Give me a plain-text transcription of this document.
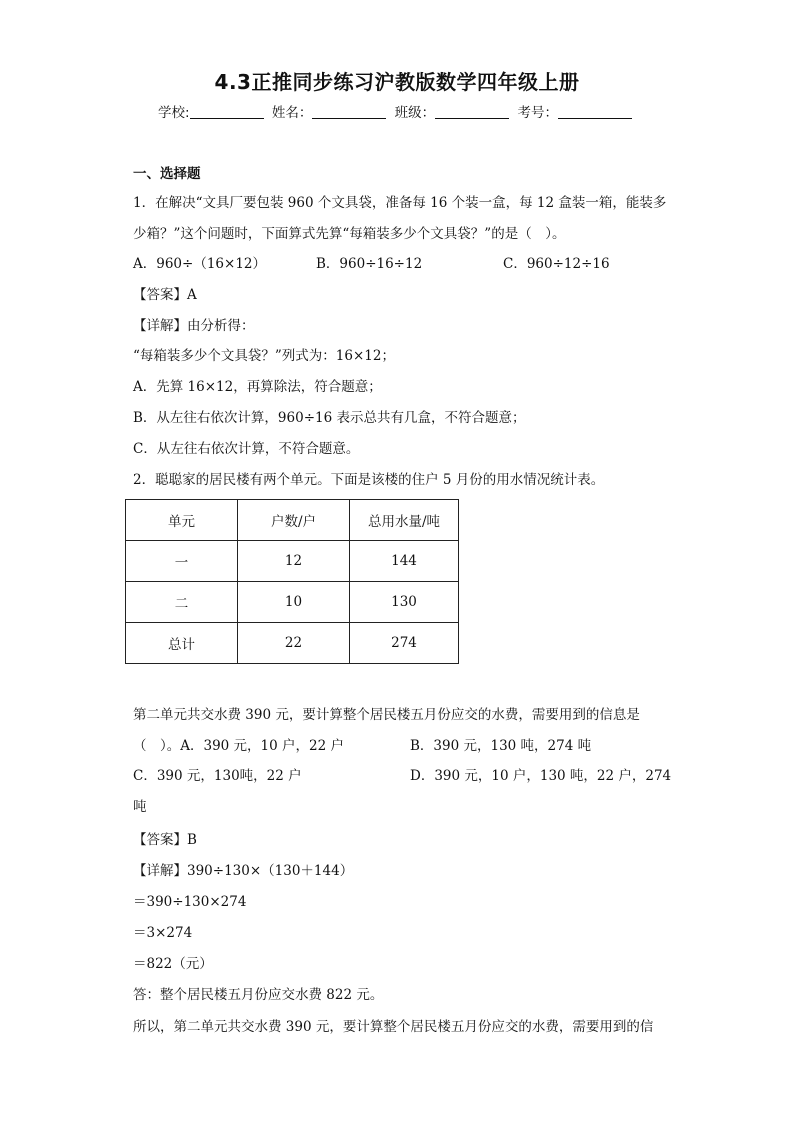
4.3正推同步练习沪教版数学四年级上册
学校:	姓名：	班级：	考号：
一、选择题
1．在解决“文具厂要包装 960 个文具袋，准备每 16 个装一盒，每 12 盒装一箱，能装多
少箱？”这个问题时，下面算式先算“每箱装多少个文具袋？”的是（　）。
A．960÷（16×12）	B．960÷16÷12	C．960÷12÷16
【答案】A
【详解】由分析得：
“每箱装多少个文具袋？”列式为：16×12；
A．先算 16×12，再算除法，符合题意；
B．从左往右依次计算，960÷16 表示总共有几盒，不符合题意；
C．从左往右依次计算，不符合题意。
2．聪聪家的居民楼有两个单元。下面是该楼的住户 5 月份的用水情况统计表。
单元	户数/户	总用水量/吨
一	12	144
二	10	130
总计	22	274
第二单元共交水费 390 元，要计算整个居民楼五月份应交的水费，需要用到的信息是
（　）。A．390 元，10 户，22 户	B．390 元，130 吨，274 吨
C．390 元，130吨，22 户	D．390 元，10 户，130 吨，22 户，274
吨
【答案】B
【详解】390÷130×（130＋144）
＝390÷130×274
＝3×274
＝822（元）
答：整个居民楼五月份应交水费 822 元。
所以，第二单元共交水费 390 元，要计算整个居民楼五月份应交的水费，需要用到的信
